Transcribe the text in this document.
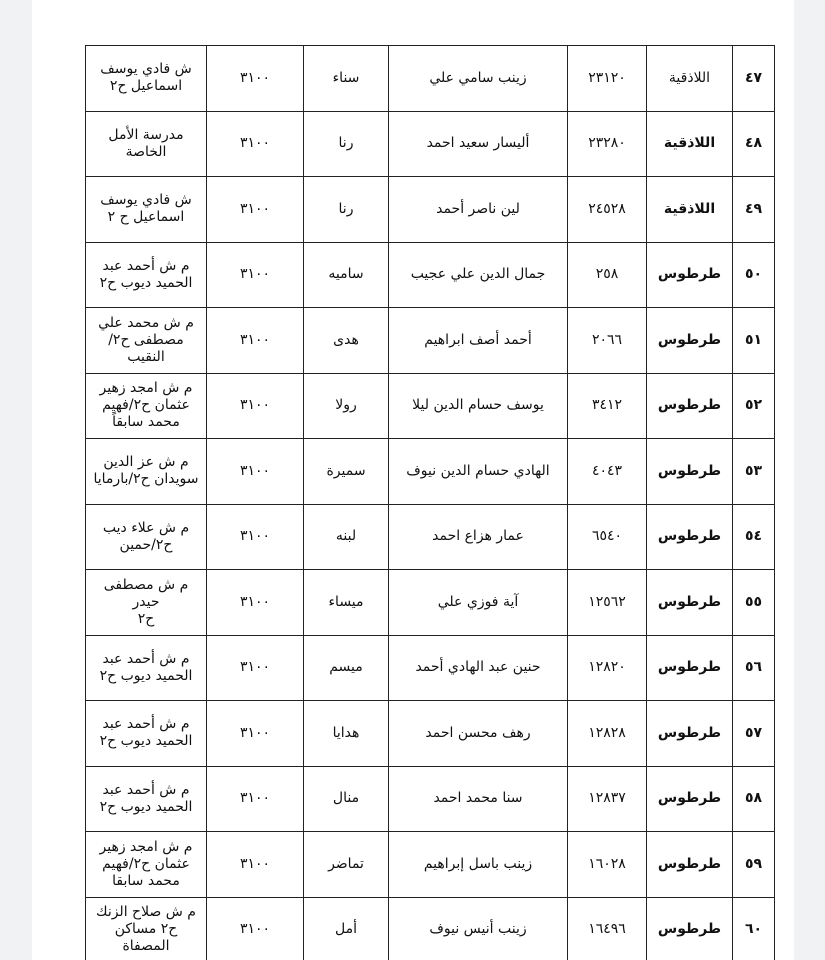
٤٧	اللاذقية	٢٣١٢٠	زينب سامي علي	سناء	٣١٠٠	ش فادي يوسف
اسماعيل ح٢
٤٨	اللاذقية	٢٣٢٨٠	أليسار سعيد احمد	رنا	٣١٠٠	مدرسة الأمل
الخاصة
٤٩	اللاذقية	٢٤٥٢٨	لين ناصر أحمد	رنا	٣١٠٠	ش فادي يوسف
اسماعيل ح ٢
٥٠	طرطوس	٢٥٨	جمال الدين علي عجيب	ساميه	٣١٠٠	م ش أحمد عبد
الحميد ديوب ح٢
٥١	طرطوس	٢٠٦٦	أحمد أصف ابراهيم	هدى	٣١٠٠	م ش محمد علي
مصطفى ح٢/النقيب
٥٢	طرطوس	٣٤١٢	يوسف حسام الدين ليلا	رولا	٣١٠٠	م ش امجد زهير
عثمان ح٢/فهيم
محمد سابقاً
٥٣	طرطوس	٤٠٤٣	الهادي حسام الدين نيوف	سميرة	٣١٠٠	م ش عز الدين
سويدان ح٢/بارمايا
٥٤	طرطوس	٦٥٤٠	عمار هزاع احمد	لبنه	٣١٠٠	م ش علاء ديب
ح٢/حمين
٥٥	طرطوس	١٢٥٦٢	آية فوزي علي	ميساء	٣١٠٠	م ش مصطفى حيدر
ح٢
٥٦	طرطوس	١٢٨٢٠	حنين عبد الهادي أحمد	ميسم	٣١٠٠	م ش أحمد عبد
الحميد ديوب ح٢
٥٧	طرطوس	١٢٨٢٨	رهف محسن احمد	هدايا	٣١٠٠	م ش أحمد عبد
الحميد ديوب ح٢
٥٨	طرطوس	١٢٨٣٧	سنا محمد احمد	منال	٣١٠٠	م ش أحمد عبد
الحميد ديوب ح٢
٥٩	طرطوس	١٦٠٢٨	زينب باسل إبراهيم	تماضر	٣١٠٠	م ش امجد زهير
عثمان ح٢/فهيم
محمد سابقا
٦٠	طرطوس	١٦٤٩٦	زينب أنيس نيوف	أمل	٣١٠٠	م ش صلاح الزنك
ح٢ مساكن المصفاة
